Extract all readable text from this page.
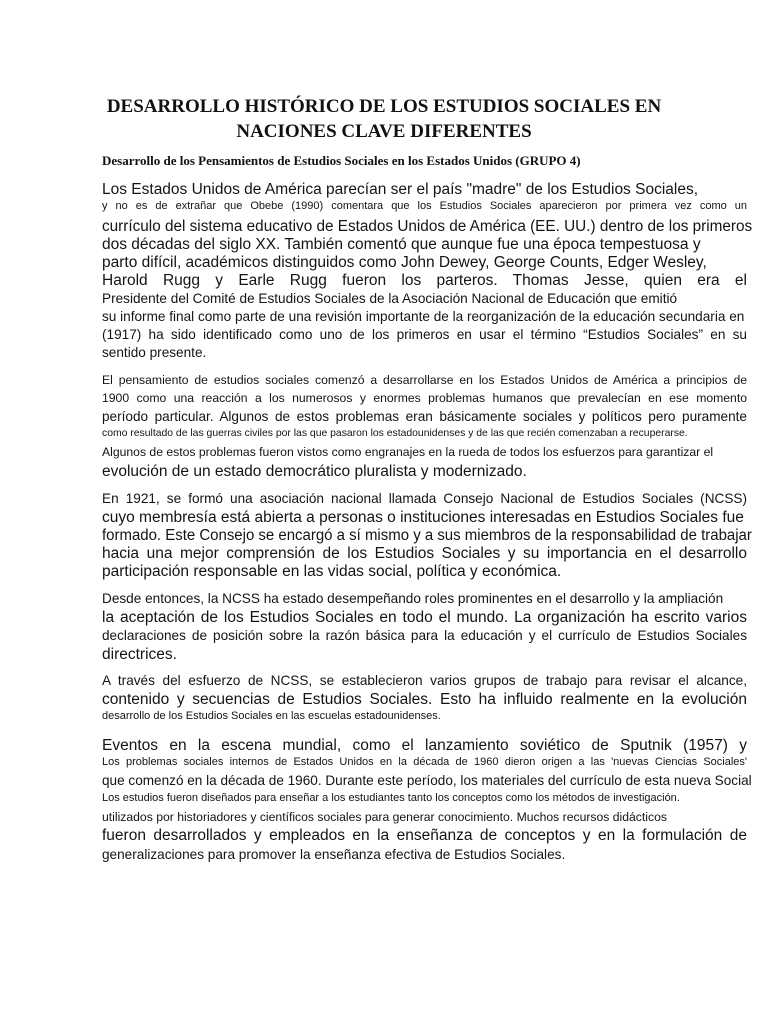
DESARROLLO HISTÓRICO DE LOS ESTUDIOS SOCIALES EN
NACIONES CLAVE DIFERENTES
Desarrollo de los Pensamientos de Estudios Sociales en los Estados Unidos (GRUPO 4)
Los Estados Unidos de América parecían ser el país "madre" de los Estudios Sociales,
y no es de extrañar que Obebe (1990) comentara que los Estudios Sociales aparecieron por primera vez como un
currículo del sistema educativo de Estados Unidos de América (EE. UU.) dentro de los primeros
dos décadas del siglo XX. También comentó que aunque fue una época tempestuosa y
parto difícil, académicos distinguidos como John Dewey, George Counts, Edger Wesley,
Harold Rugg y Earle Rugg fueron los parteros. Thomas Jesse, quien era el
Presidente del Comité de Estudios Sociales de la Asociación Nacional de Educación que emitió
su informe final como parte de una revisión importante de la reorganización de la educación secundaria en
(1917) ha sido identificado como uno de los primeros en usar el término “Estudios Sociales” en su
sentido presente.
El pensamiento de estudios sociales comenzó a desarrollarse en los Estados Unidos de América a principios de
1900 como una reacción a los numerosos y enormes problemas humanos que prevalecían en ese momento
período particular. Algunos de estos problemas eran básicamente sociales y políticos pero puramente
como resultado de las guerras civiles por las que pasaron los estadounidenses y de las que recién comenzaban a recuperarse.
Algunos de estos problemas fueron vistos como engranajes en la rueda de todos los esfuerzos para garantizar el
evolución de un estado democrático pluralista y modernizado.
En 1921, se formó una asociación nacional llamada Consejo Nacional de Estudios Sociales (NCSS)
cuyo membresía está abierta a personas o instituciones interesadas en Estudios Sociales fue
formado. Este Consejo se encargó a sí mismo y a sus miembros de la responsabilidad de trabajar
hacia una mejor comprensión de los Estudios Sociales y su importancia en el desarrollo
participación responsable en las vidas social, política y económica.
Desde entonces, la NCSS ha estado desempeñando roles prominentes en el desarrollo y la ampliación
la aceptación de los Estudios Sociales en todo el mundo. La organización ha escrito varios
declaraciones de posición sobre la razón básica para la educación y el currículo de Estudios Sociales
directrices.
A través del esfuerzo de NCSS, se establecieron varios grupos de trabajo para revisar el alcance,
contenido y secuencias de Estudios Sociales. Esto ha influido realmente en la evolución
desarrollo de los Estudios Sociales en las escuelas estadounidenses.
Eventos en la escena mundial, como el lanzamiento soviético de Sputnik (1957) y
Los problemas sociales internos de Estados Unidos en la década de 1960 dieron origen a las 'nuevas Ciencias Sociales'
que comenzó en la década de 1960. Durante este período, los materiales del currículo de esta nueva Social
Los estudios fueron diseñados para enseñar a los estudiantes tanto los conceptos como los métodos de investigación.
utilizados por historiadores y científicos sociales para generar conocimiento. Muchos recursos didácticos
fueron desarrollados y empleados en la enseñanza de conceptos y en la formulación de
generalizaciones para promover la enseñanza efectiva de Estudios Sociales.
